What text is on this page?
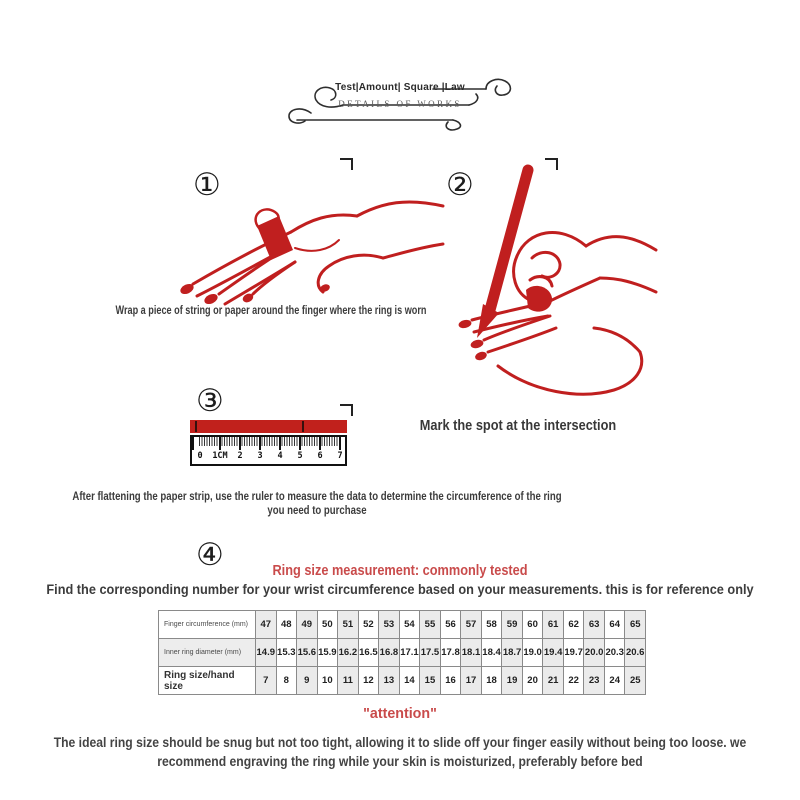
Test|Amount| Square |Law
DETAILS OF WORKS
①
Wrap a piece of string or paper around the finger where the ring is worn
②
Mark the spot at the intersection
③
0	1CM	2	3	4	5	6	7
After flattening the paper strip, use the ruler to measure the data to determine the circumference of the ring you need to purchase
④	Ring size measurement: commonly tested
Find the corresponding number for your wrist circumference based on your measurements. this is for reference only
Finger circumference (mm)	47	48	49	50	51	52	53	54	55	56	57	58	59	60	61	62	63	64	65
Inner ring diameter (mm)	14.9 15.3 15.6 15.9 16.2 16.5 16.8 17.1 17.5 17.8 18.1 18.4 18.7 19.0 19.4 19.7 20.0 20.3 20.6
Ring size/hand size	7	8	9	10	11	12	13	14	15	16	17	18	19	20	21	22	23	24	25
"attention"
The ideal ring size should be snug but not too tight, allowing it to slide off your finger easily without being too loose. we
recommend engraving the ring while your skin is moisturized, preferably before bed
